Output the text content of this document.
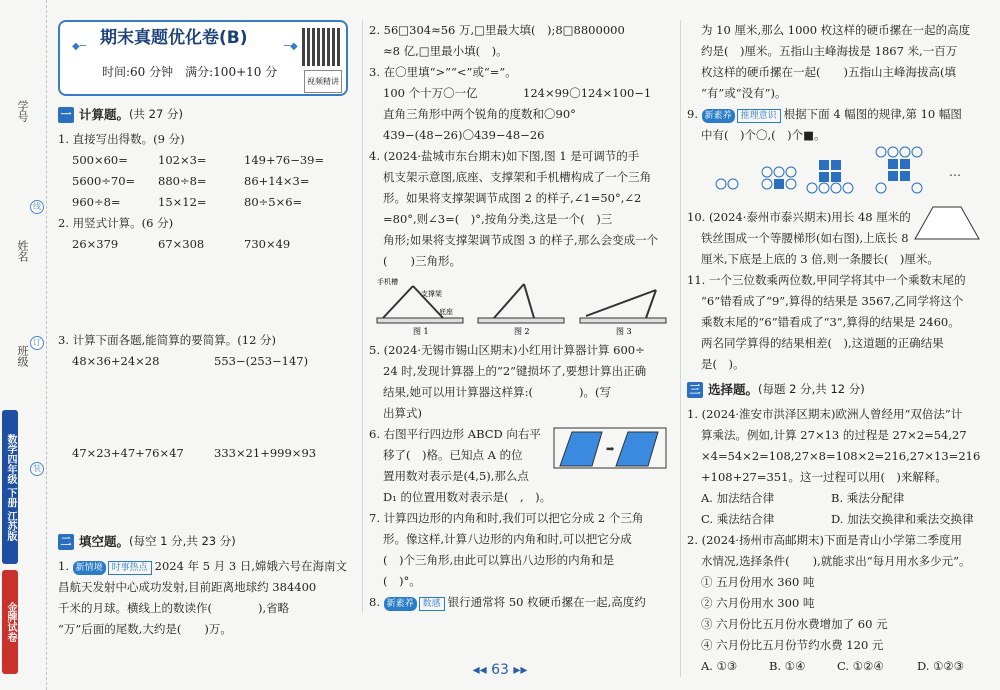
学号
姓名
班级
线
订
装
数学四年级 下册 江苏版
金牌试卷
◆─ 期末真题优化卷(B)	─◆
时间:60 分钟　满分:100+10 分
视频精讲
一 计算题。 (共 27 分)

1. 直接写出得数。(9 分)

500×60=	102×3=	149+76−39=
5600÷70=	880÷8=	86+14×3=
960÷8=	15×12=	80÷5×6=

2. 用竖式计算。(6 分)

26×379	67×308	730×49

3. 计算下面各题,能简算的要简算。(12 分)

48×36+24×28	553−(253−147)
47×23+47+76×47	333×21+999×93
二 填空题。 (每空 1 分,共 23 分)

1. 新情境 时事热点 2024 年 5 月 3 日,嫦娥六号在海南文

昌航天发射中心成功发射,目前距离地球约 384400

千米的月球。横线上的数读作(　　　　),省略

“万”后面的尾数,大约是(　　)万。

2. 56□304≈56 万,□里最大填(　);8□8800000

≈8 亿,□里最小填(　)。

3. 在〇里填“>”“<”或“=”。

100 个十万〇一亿	124×99〇124×100−1

直角三角形中两个锐角的度数和〇90°

439−(48−26)〇439−48−26

4. (2024·盐城市东台期末)如下图,图 1 是可调节的手

机支架示意图,底座、支撑架和手机槽构成了一个三角

形。如果将支撑架调节成图 2 的样子,∠1=50°,∠2

=80°,则∠3=(　)°,按角分类,这是一个(　)三

角形;如果将支撑架调节成图 3 的样子,那么会变成一个

(　　)三角形。

手机槽
支撑架
底座
图 1	图 2	图 3

5. (2024·无锡市锡山区期末)小红用计算器计算 600÷

24 时,发现计算器上的“2”键损坏了,要想计算出正确

结果,她可以用计算器这样算:(　　　　)。(写

出算式)

6. 右图平行四边形 ABCD 向右平

移了(　)格。已知点 A 的位

置用数对表示是(4,5),那么点

D₁ 的位置用数对表示是(　,　)。

➡

7. 计算四边形的内角和时,我们可以把它分成 2 个三角

形。像这样,计算八边形的内角和时,可以把它分成

(　)个三角形,由此可以算出八边形的内角和是

(　)°。

8. 新素养 数感 银行通常将 50 枚硬币摞在一起,高度约

为 10 厘米,那么 1000 枚这样的硬币摞在一起的高度

约是(　)厘米。五指山主峰海拔是 1867 米,一百万

枚这样的硬币摞在一起(　　)五指山主峰海拔高(填

“有”或“没有”)。

9. 新素养 推理意识 根据下面 4 幅图的规律,第 10 幅图

中有(　)个〇,(　)个■。

…

10. (2024·泰州市泰兴期末)用长 48 厘米的

铁丝围成一个等腰梯形(如右图),上底长 8

厘米,下底是上底的 3 倍,则一条腰长(　)厘米。

11. 一个三位数乘两位数,甲同学将其中一个乘数末尾的

“6”错看成了“9”,算得的结果是 3567,乙同学将这个

乘数末尾的“6”错看成了“3”,算得的结果是 2460。

两名同学算得的结果相差(　),这道题的正确结果

是(　)。

三 选择题。 (每题 2 分,共 12 分)

1. (2024·淮安市洪泽区期末)欧洲人曾经用“双倍法”计

算乘法。例如,计算 27×13 的过程是 27×2=54,27

×4=54×2=108,27×8=108×2=216,27×13=216

+108+27=351。这一过程可以用(　)来解释。

A. 加法结合律	B. 乘法分配律
C. 乘法结合律	D. 加法交换律和乘法交换律

2. (2024·扬州市高邮期末)下面是青山小学第二季度用

水情况,选择条件(　　),就能求出“每月用水多少元”。

① 五月份用水 360 吨

② 六月份用水 300 吨

③ 六月份比五月份水费增加了 60 元

④ 六月份比五月份节约水费 120 元

A. ①③	B. ①④	C. ①②④	D. ①②③
◂◂ 63 ▸▸
